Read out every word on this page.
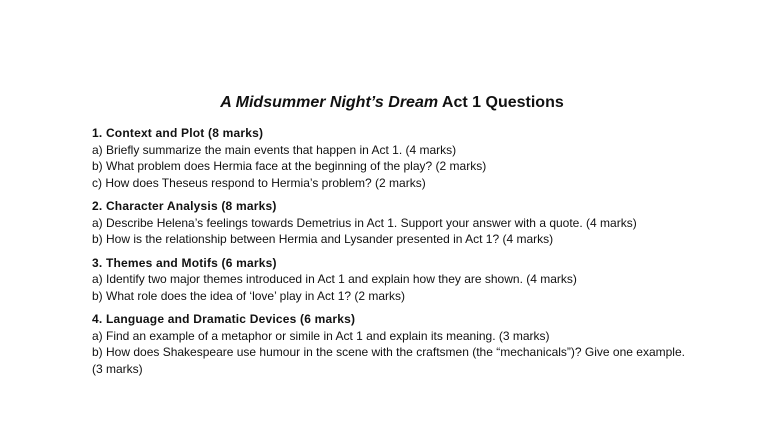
A Midsummer Night’s Dream Act 1 Questions

1. Context and Plot (8 marks)

a) Briefly summarize the main events that happen in Act 1. (4 marks)

b) What problem does Hermia face at the beginning of the play? (2 marks)

c) How does Theseus respond to Hermia’s problem? (2 marks)

2. Character Analysis (8 marks)

a) Describe Helena’s feelings towards Demetrius in Act 1. Support your answer with a quote. (4 marks)

b) How is the relationship between Hermia and Lysander presented in Act 1? (4 marks)

3. Themes and Motifs (6 marks)

a) Identify two major themes introduced in Act 1 and explain how they are shown. (4 marks)

b) What role does the idea of ‘love’ play in Act 1? (2 marks)

4. Language and Dramatic Devices (6 marks)

a) Find an example of a metaphor or simile in Act 1 and explain its meaning. (3 marks)

b) How does Shakespeare use humour in the scene with the craftsmen (the “mechanicals”)? Give one example. (3 marks)
